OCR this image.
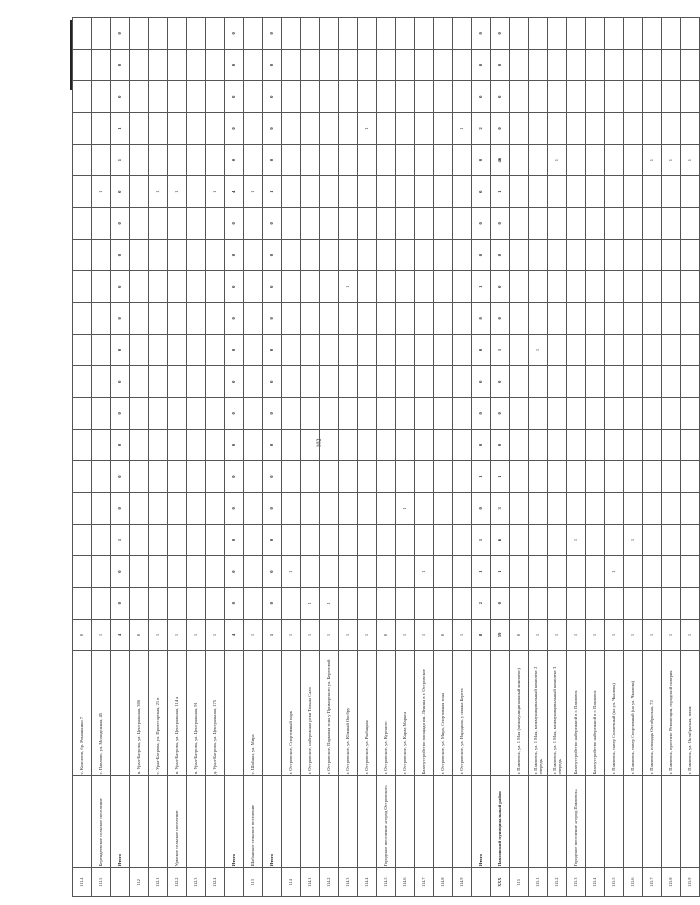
102
111.4		с. Кологлов, бр. Ромашкино 7	0																			
111.5	Берендеевское сельское поселение	с. Павлово, ул. Молодежная, 45	1														1					
	Итого		4	0	0	1	0	0	0	0	0	0	0	0	0	0	0	1	1	0	0	0
112		п. Урал-Батрова, ул. Центральная, 30б	0																			
112.1		с. Урал-Батрова, ул. Пролетарская, 21 в	1														1					
112.2	Урмское сельское поселение	п. Урал-Батрова, ул. Центральная, 114 а	1														1					
112.3		п. Урал-Батрова, ул. Центральная, 91	1																			
112.4		д. Урал-Батрова, ул. Центральная, 175	1														1					
	Итого		4	0	0	0	0	0	0	0	0	0	0	0	0	0	4	0	0	0	0	0
113	Шабанское сельское поселение	с. Шабаки, ул. Мира	1														1					
	Итого		1	0	0	0	0	0	0	0	0	0	0	0	0	0	1	0	0	0	0	0
114		г. Островское, Спортивный парк	1		1																	
114.1		г. Островское, набережная реки Тольна Сало	1	1																		
114.2		г. Островское, Парковая зона у Приморского ул. Береговой	1	1																		
114.3		г. Островское, ул. Южный Оксбру	1											1								
114.4		г. Островское, ул. Рыбацкая	1																1			
114.5	Городское поселение «город Островское»	г. Островское, ул. Курского	0																			
114.6		г. Островское, ул. Карла Маркса	1				1															
114.7		Благоустройство площади им. Ленина в г. Островское	1		1																	
114.8		г. Островское, ул. Мира, Спортивная зона	0																			
114.9		г. Островское, ул. Народная, у пляжа Берега	1																1			
	Итого		8	2	1	1	0	1	0	0	0	0	0	1	0	0	0	0	2	0	0	0
XXX	Павловский муниципальный район		59	0	1	6	3	1	0	0	0	1	0	0	0	0	1	46	0	0	0	0
115		г. Павловск, ул. 1 Мая (межмуниципальный комплекс)	0																			
115.1		г. Павловск, ул. 1 Мая, межмуниципальный комплекс 2 очередь	1									1										
115.2		г. Павловск, ул. 1 Мая, межмуниципальный комплекс 3 очередь	1															1				
115.3	Городское поселение «город Павловск»	Благоустройство набережной в г. Павловск	1			1																
115.4		Благоустройство набережной в г. Павловск	1																			
115.5		г. Павловск, сквер Солнечный (на ул. Чкалова)	1		1																	
115.6		г. Павловск, сквер Спортивный (на ул. Чкалова)	1			1																
115.7		г. Павловск, площадь Октябрьская, 72	1															1				
115.8		г. Павловск, проспект Революции, городской скверик	1															1				
115.9		г. Павловск, ул. Октябрьская, пляж	1															1				
